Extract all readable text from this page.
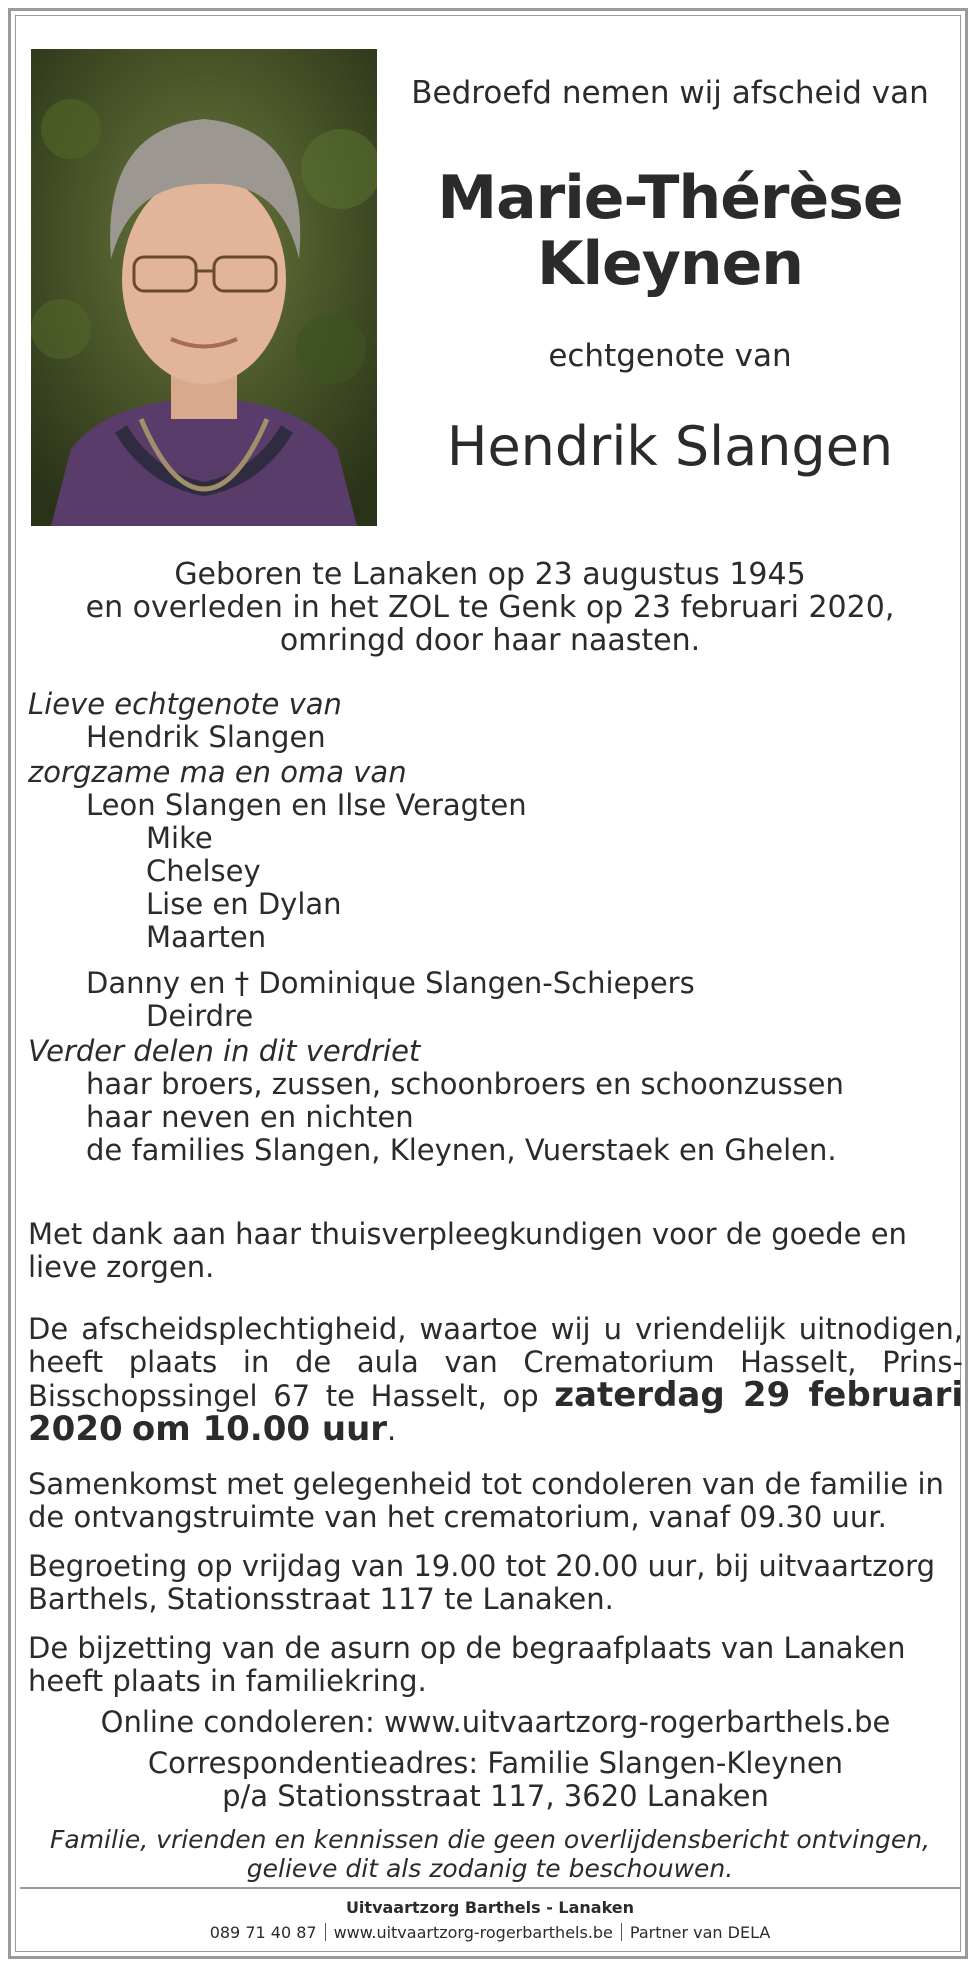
Bedroefd nemen wij afscheid van
Marie-Thérèse
Kleynen
echtgenote van
Hendrik Slangen
Geboren te Lanaken op 23 augustus 1945
en overleden in het ZOL te Genk op 23 februari 2020,
omringd door haar naasten.
Lieve echtgenote van
Hendrik Slangen
zorgzame ma en oma van
Leon Slangen en Ilse Veragten
Mike
Chelsey
Lise en Dylan
Maarten
Danny en † Dominique Slangen-Schiepers
Deirdre
Verder delen in dit verdriet
haar broers, zussen, schoonbroers en schoonzussen
haar neven en nichten
de families Slangen, Kleynen, Vuerstaek en Ghelen.
Met dank aan haar thuisverpleegkundigen voor de goede en lieve zorgen.
De afscheidsplechtigheid, waartoe wij u vriendelijk uitnodigen, heeft plaats in de aula van Crematorium Hasselt, Prins-Bisschopssingel 67 te Hasselt, op zaterdag 29 februari 2020 om 10.00 uur.
Samenkomst met gelegenheid tot condoleren van de familie in de ontvangstruimte van het crematorium, vanaf 09.30 uur.
Begroeting op vrijdag van 19.00 tot 20.00 uur, bij uitvaartzorg Barthels, Stationsstraat 117 te Lanaken.
De bijzetting van de asurn op de begraafplaats van Lanaken heeft plaats in familiekring.
Online condoleren: www.uitvaartzorg-rogerbarthels.be
Correspondentieadres: Familie Slangen-Kleynen
p/a Stationsstraat 117, 3620 Lanaken
Familie, vrienden en kennissen die geen overlijdensbericht ontvingen,
gelieve dit als zodanig te beschouwen.
Uitvaartzorg Barthels - Lanaken
089 71 40 87 www.uitvaartzorg-rogerbarthels.be Partner van DELA
